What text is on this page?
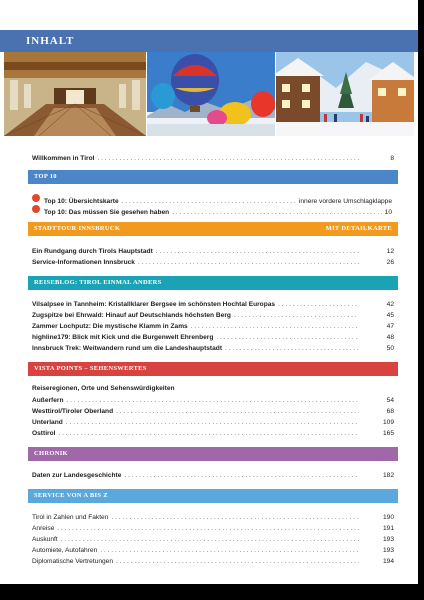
INHALT
Willkommen in Tirol . . .	8
TOP 10
Top 10: Übersichtskarte . . .	innere vordere Umschlagklappe
Top 10: Das müssen Sie gesehen haben . . .	10
STADTTOUR INNSBRUCK	MIT DETAILKARTE
Ein Rundgang durch Tirols Hauptstadt . . .	12
Service-Informationen Innsbruck . . .	26
REISEBLOG: TIROL EINMAL ANDERS
Vilsalpsee in Tannheim: Kristallklarer Bergsee im schönsten Hochtal Europas . . .	42
Zugspitze bei Ehrwald: Hinauf auf Deutschlands höchsten Berg . . .	45
Zammer Lochputz: Die mystische Klamm in Zams . . .	47
highline179: Blick mit Kick und die Burgenwelt Ehrenberg . . .	48
Innsbruck Trek: Weitwandern rund um die Landeshauptstadt . . .	50
VISTA POINTS – SEHENSWERTES
Reiseregionen, Orte und Sehenswürdigkeiten
Außerfern . . .	54
Westtirol/Tiroler Oberland . . .	68
Unterland . . .	109
Osttirol . . .	165
CHRONIK
Daten zur Landesgeschichte . . .	182
SERVICE VON A BIS Z
Tirol in Zahlen und Fakten . . .	190
Anreise . . .	191
Auskunft . . .	193
Automiete, Autofahren . . .	193
Diplomatische Vertretungen . . .	194
